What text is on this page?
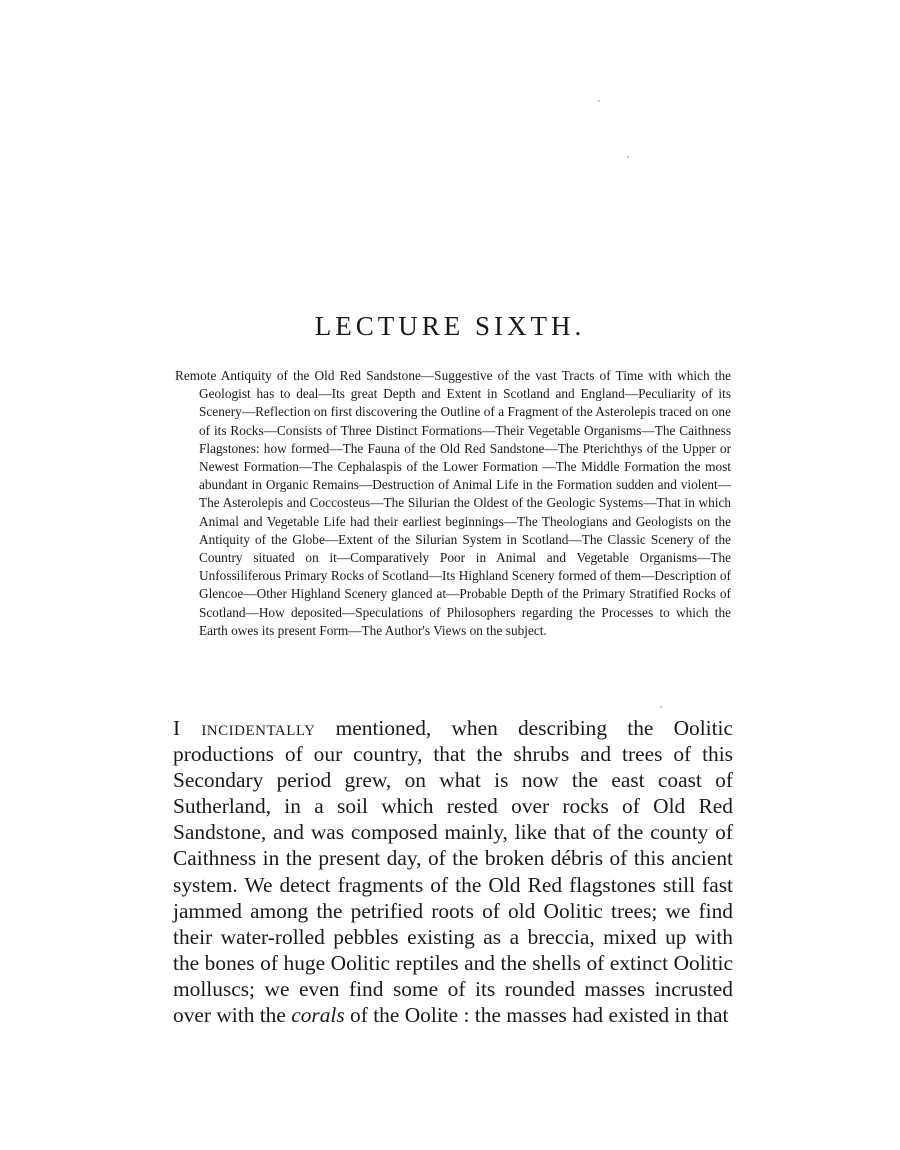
LECTURE SIXTH.

Remote Antiquity of the Old Red Sandstone—Suggestive of the vast Tracts of Time with which the Geologist has to deal—Its great Depth and Extent in Scotland and England—Peculiarity of its Scenery—Reflection on first discovering the Outline of a Fragment of the Asterolepis traced on one of its Rocks—Consists of Three Distinct Formations—Their Vegetable Organisms—The Caithness Flagstones: how formed—The Fauna of the Old Red Sandstone—The Pterichthys of the Upper or Newest Formation—The Cephalaspis of the Lower Formation —The Middle Formation the most abundant in Organic Remains—Destruction of Animal Life in the Formation sudden and violent—The Asterolepis and Coccosteus—The Silurian the Oldest of the Geologic Systems—That in which Animal and Vegetable Life had their earliest beginnings—The Theologians and Geologists on the Antiquity of the Globe—Extent of the Silurian System in Scotland—The Classic Scenery of the Country situated on it—Comparatively Poor in Animal and Vegetable Organisms—The Unfossiliferous Primary Rocks of Scotland—Its Highland Scenery formed of them—Description of Glencoe—Other Highland Scenery glanced at—Probable Depth of the Primary Stratified Rocks of Scotland—How deposited—Speculations of Philosophers regarding the Processes to which the Earth owes its present Form—The Author's Views on the subject.

I incidentally mentioned, when describing the Oolitic productions of our country, that the shrubs and trees of this Secondary period grew, on what is now the east coast of Sutherland, in a soil which rested over rocks of Old Red Sandstone, and was composed mainly, like that of the county of Caithness in the present day, of the broken débris of this ancient system. We detect fragments of the Old Red flagstones still fast jammed among the petrified roots of old Oolitic trees; we find their water-rolled pebbles existing as a breccia, mixed up with the bones of huge Oolitic reptiles and the shells of extinct Oolitic molluscs; we even find some of its rounded masses incrusted over with the corals of the Oolite : the masses had existed in that
